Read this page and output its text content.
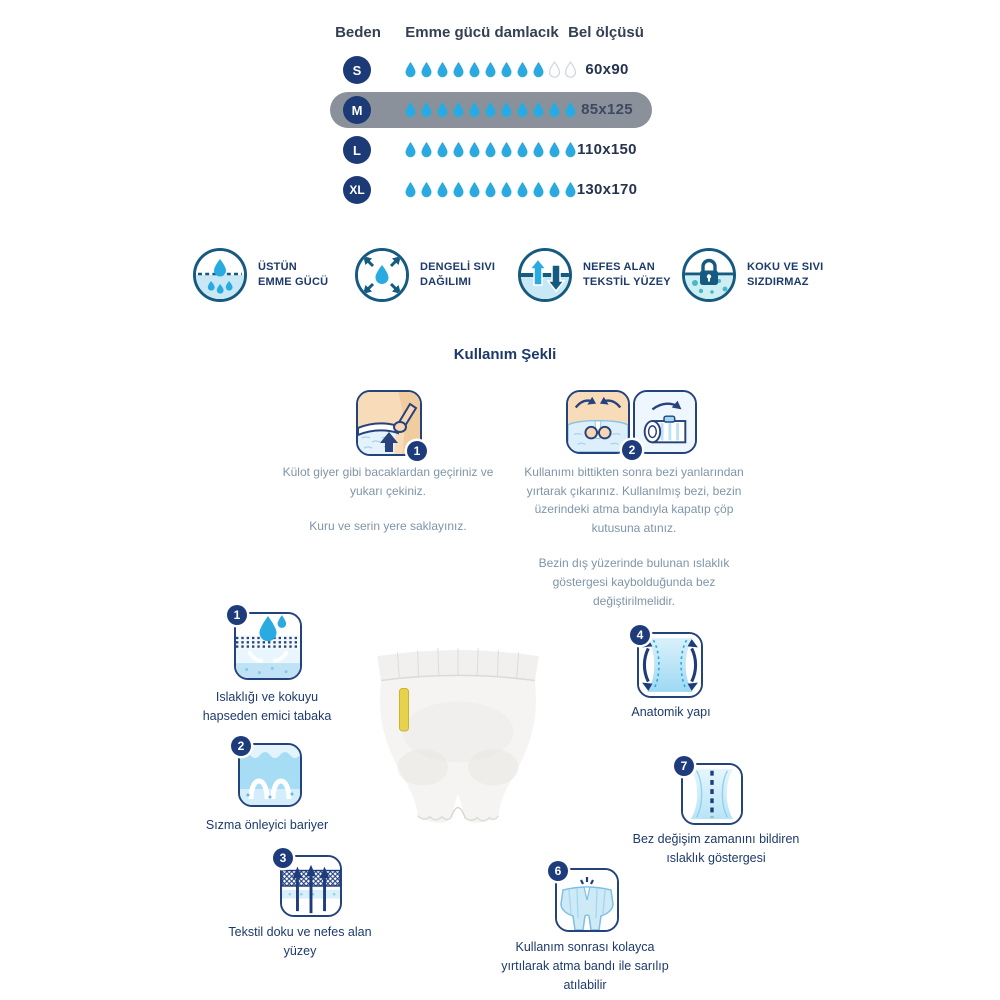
Beden	Emme gücü damlacık Bel ölçüsü
S	60x90
M	85x125
L	110x150
XL	130x170
ÜSTÜN
EMME GÜCÜ
DENGELİ SIVI
DAĞILIMI
NEFES ALAN
TEKSTİL YÜZEY
KOKU VE SIVI
SIZDIRMAZ
Kullanım Şekli
1

Külot giyer gibi bacaklardan geçiriniz ve yukarı çekiniz.

Kuru ve serin yere saklayınız.

2

Kullanımı bittikten sonra bezi yanlarından yırtarak çıkarınız. Kullanılmış bezi, bezin üzerindeki atma bandıyla kapatıp çöp kutusuna atınız.

Bezin dış yüzerinde bulunan ıslaklık göstergesi kaybolduğunda bez değiştirilmelidir.

1
Islaklığı ve kokuyu hapseden emici tabaka
2
Sızma önleyici bariyer
3
Tekstil doku ve nefes alan yüzey
4
Anatomik yapı
7
Bez değişim zamanını bildiren ıslaklık göstergesi
6
Kullanım sonrası kolayca yırtılarak atma bandı ile sarılıp atılabilir
